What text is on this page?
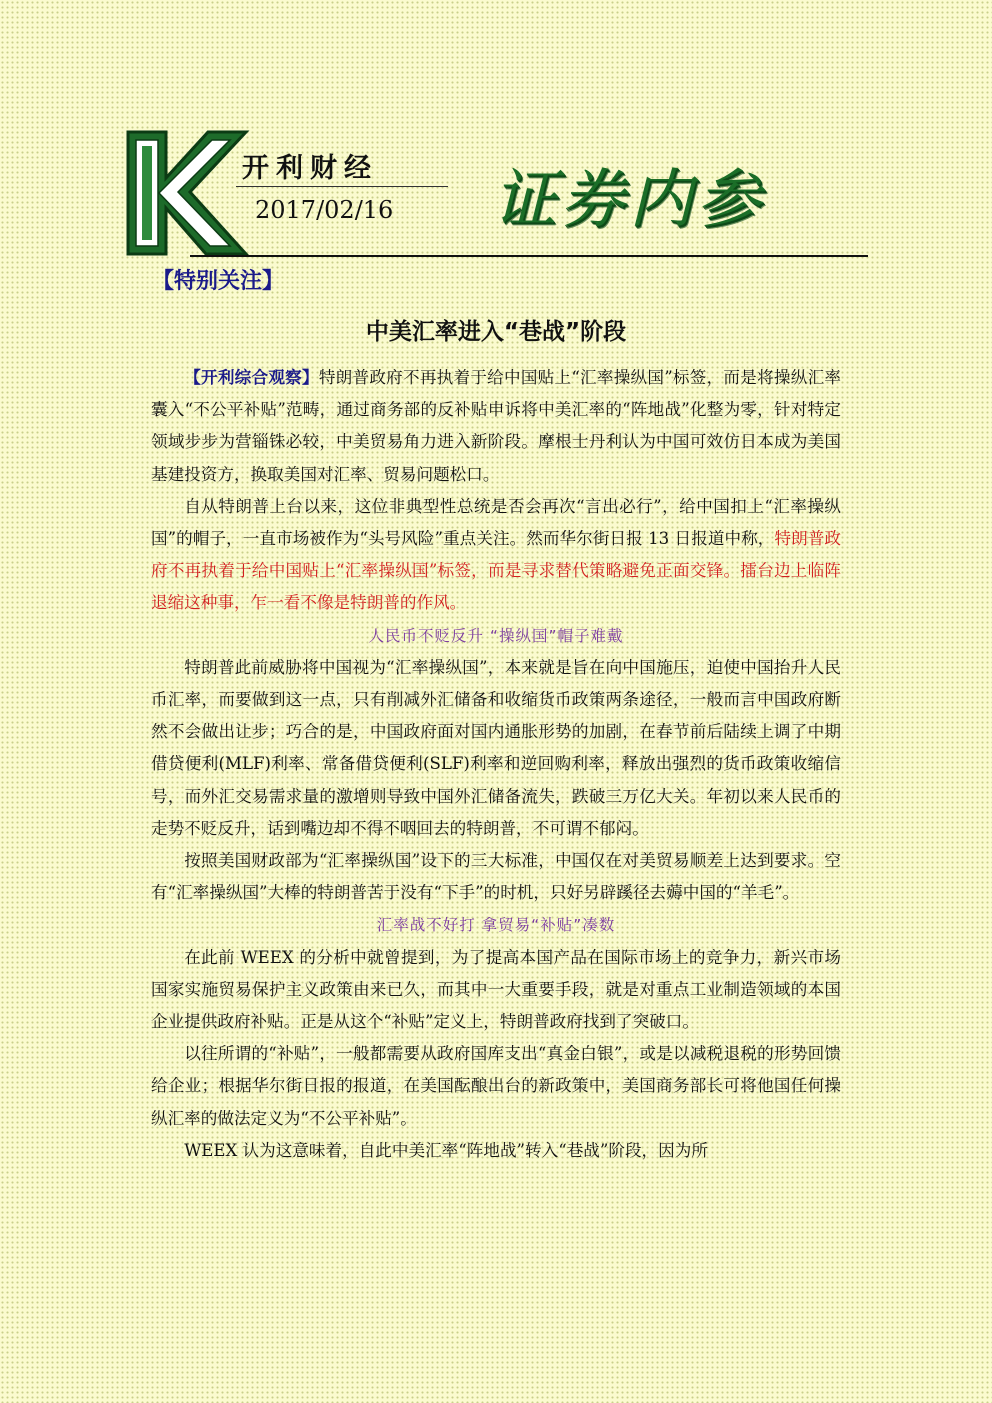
开利财经
2017/02/16 证券内参
【特别关注】
中美汇率进入“巷战”阶段

【开利综合观察】特朗普政府不再执着于给中国贴上“汇率操纵国”标签，而是将操纵汇率囊入“不公平补贴”范畴，通过商务部的反补贴申诉将中美汇率的“阵地战”化整为零，针对特定领域步步为营锱铢必较，中美贸易角力进入新阶段。摩根士丹利认为中国可效仿日本成为美国基建投资方，换取美国对汇率、贸易问题松口。

自从特朗普上台以来，这位非典型性总统是否会再次“言出必行”，给中国扣上“汇率操纵国”的帽子，一直市场被作为“头号风险”重点关注。然而华尔街日报 13 日报道中称，特朗普政府不再执着于给中国贴上“汇率操纵国”标签，而是寻求替代策略避免正面交锋。擂台边上临阵退缩这种事，乍一看不像是特朗普的作风。

人民币不贬反升 “操纵国”帽子难戴

特朗普此前威胁将中国视为“汇率操纵国”，本来就是旨在向中国施压，迫使中国抬升人民币汇率，而要做到这一点，只有削减外汇储备和收缩货币政策两条途径，一般而言中国政府断然不会做出让步；巧合的是，中国政府面对国内通胀形势的加剧，在春节前后陆续上调了中期借贷便利(MLF)利率、常备借贷便利(SLF)利率和逆回购利率，释放出强烈的货币政策收缩信号，而外汇交易需求量的激增则导致中国外汇储备流失，跌破三万亿大关。年初以来人民币的走势不贬反升，话到嘴边却不得不咽回去的特朗普，不可谓不郁闷。

按照美国财政部为“汇率操纵国”设下的三大标准，中国仅在对美贸易顺差上达到要求。空有“汇率操纵国”大棒的特朗普苦于没有“下手”的时机，只好另辟蹊径去薅中国的“羊毛”。

汇率战不好打 拿贸易“补贴”凑数

在此前 WEEX 的分析中就曾提到，为了提高本国产品在国际市场上的竞争力，新兴市场国家实施贸易保护主义政策由来已久，而其中一大重要手段，就是对重点工业制造领域的本国企业提供政府补贴。正是从这个“补贴”定义上，特朗普政府找到了突破口。

以往所谓的“补贴”，一般都需要从政府国库支出“真金白银”，或是以减税退税的形势回馈给企业；根据华尔街日报的报道，在美国酝酿出台的新政策中，美国商务部长可将他国任何操纵汇率的做法定义为“不公平补贴”。

WEEX 认为这意味着，自此中美汇率“阵地战”转入“巷战”阶段，因为所
